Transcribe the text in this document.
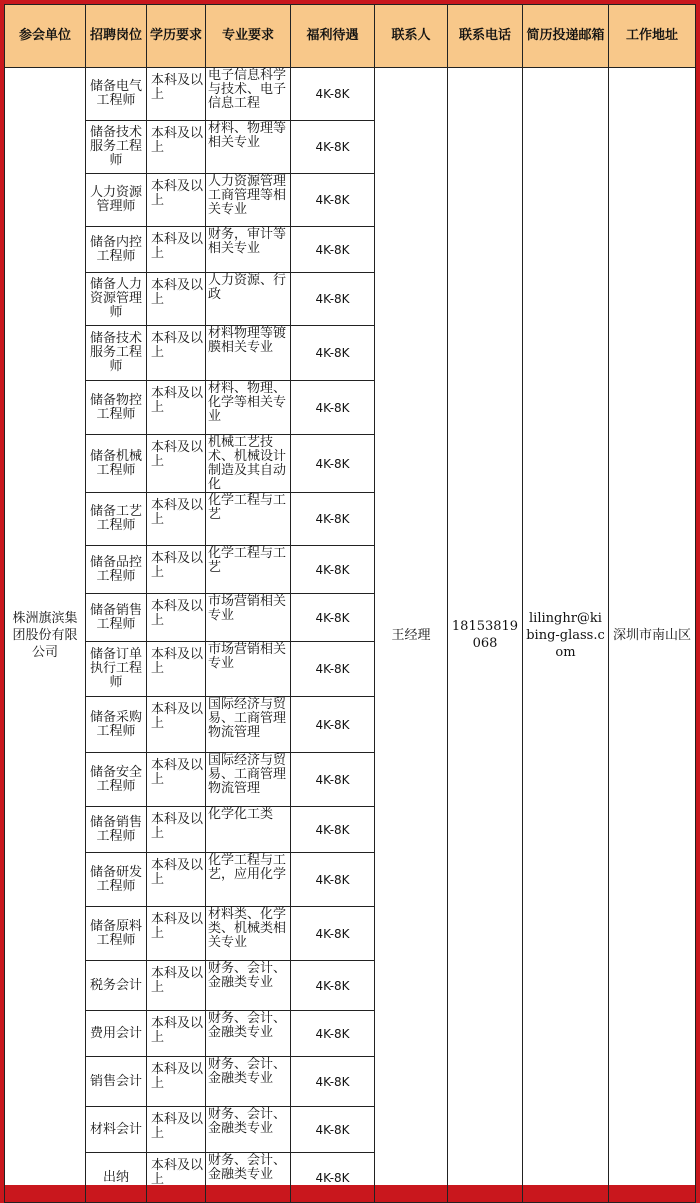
参会单位	招聘岗位	学历要求	专业要求	福利待遇	联系人	联系电话	简历投递邮箱	工作地址
株洲旗滨集团股份有限公司	储备电气工程师	本科及以上	电子信息科学与技术、电子信息工程	4K-8K	王经理	18153819068	lilinghr@kibing-glass.com	深圳市南山区
	储备技术服务工程师	本科及以上	材料、物理等相关专业	4K-8K				
	人力资源管理师	本科及以上	人力资源管理工商管理等相关专业	4K-8K				
	储备内控工程师	本科及以上	财务，审计等相关专业	4K-8K				
	储备人力资源管理师	本科及以上	人力资源、行政	4K-8K				
	储备技术服务工程师	本科及以上	材料物理等镀膜相关专业	4K-8K				
	储备物控工程师	本科及以上	材料、物理、化学等相关专业	4K-8K				
	储备机械工程师	本科及以上	机械工艺技术、机械设计制造及其自动化	4K-8K				
	储备工艺工程师	本科及以上	化学工程与工艺	4K-8K				
	储备品控工程师	本科及以上	化学工程与工艺	4K-8K				
	储备销售工程师	本科及以上	市场营销相关专业	4K-8K				
	储备订单执行工程师	本科及以上	市场营销相关专业	4K-8K				
	储备采购工程师	本科及以上	国际经济与贸易、工商管理物流管理	4K-8K				
	储备安全工程师	本科及以上	国际经济与贸易、工商管理物流管理	4K-8K				
	储备销售工程师	本科及以上	化学化工类	4K-8K				
	储备研发工程师	本科及以上	化学工程与工艺，应用化学	4K-8K				
	储备原料工程师	本科及以上	材料类、化学类、机械类相关专业	4K-8K				
	税务会计	本科及以上	财务、会计、金融类专业	4K-8K				
	费用会计	本科及以上	财务、会计、金融类专业	4K-8K				
	销售会计	本科及以上	财务、会计、金融类专业	4K-8K				
	材料会计	本科及以上	财务、会计、金融类专业	4K-8K				
	出纳	本科及以上	财务、会计、金融类专业	4K-8K				
